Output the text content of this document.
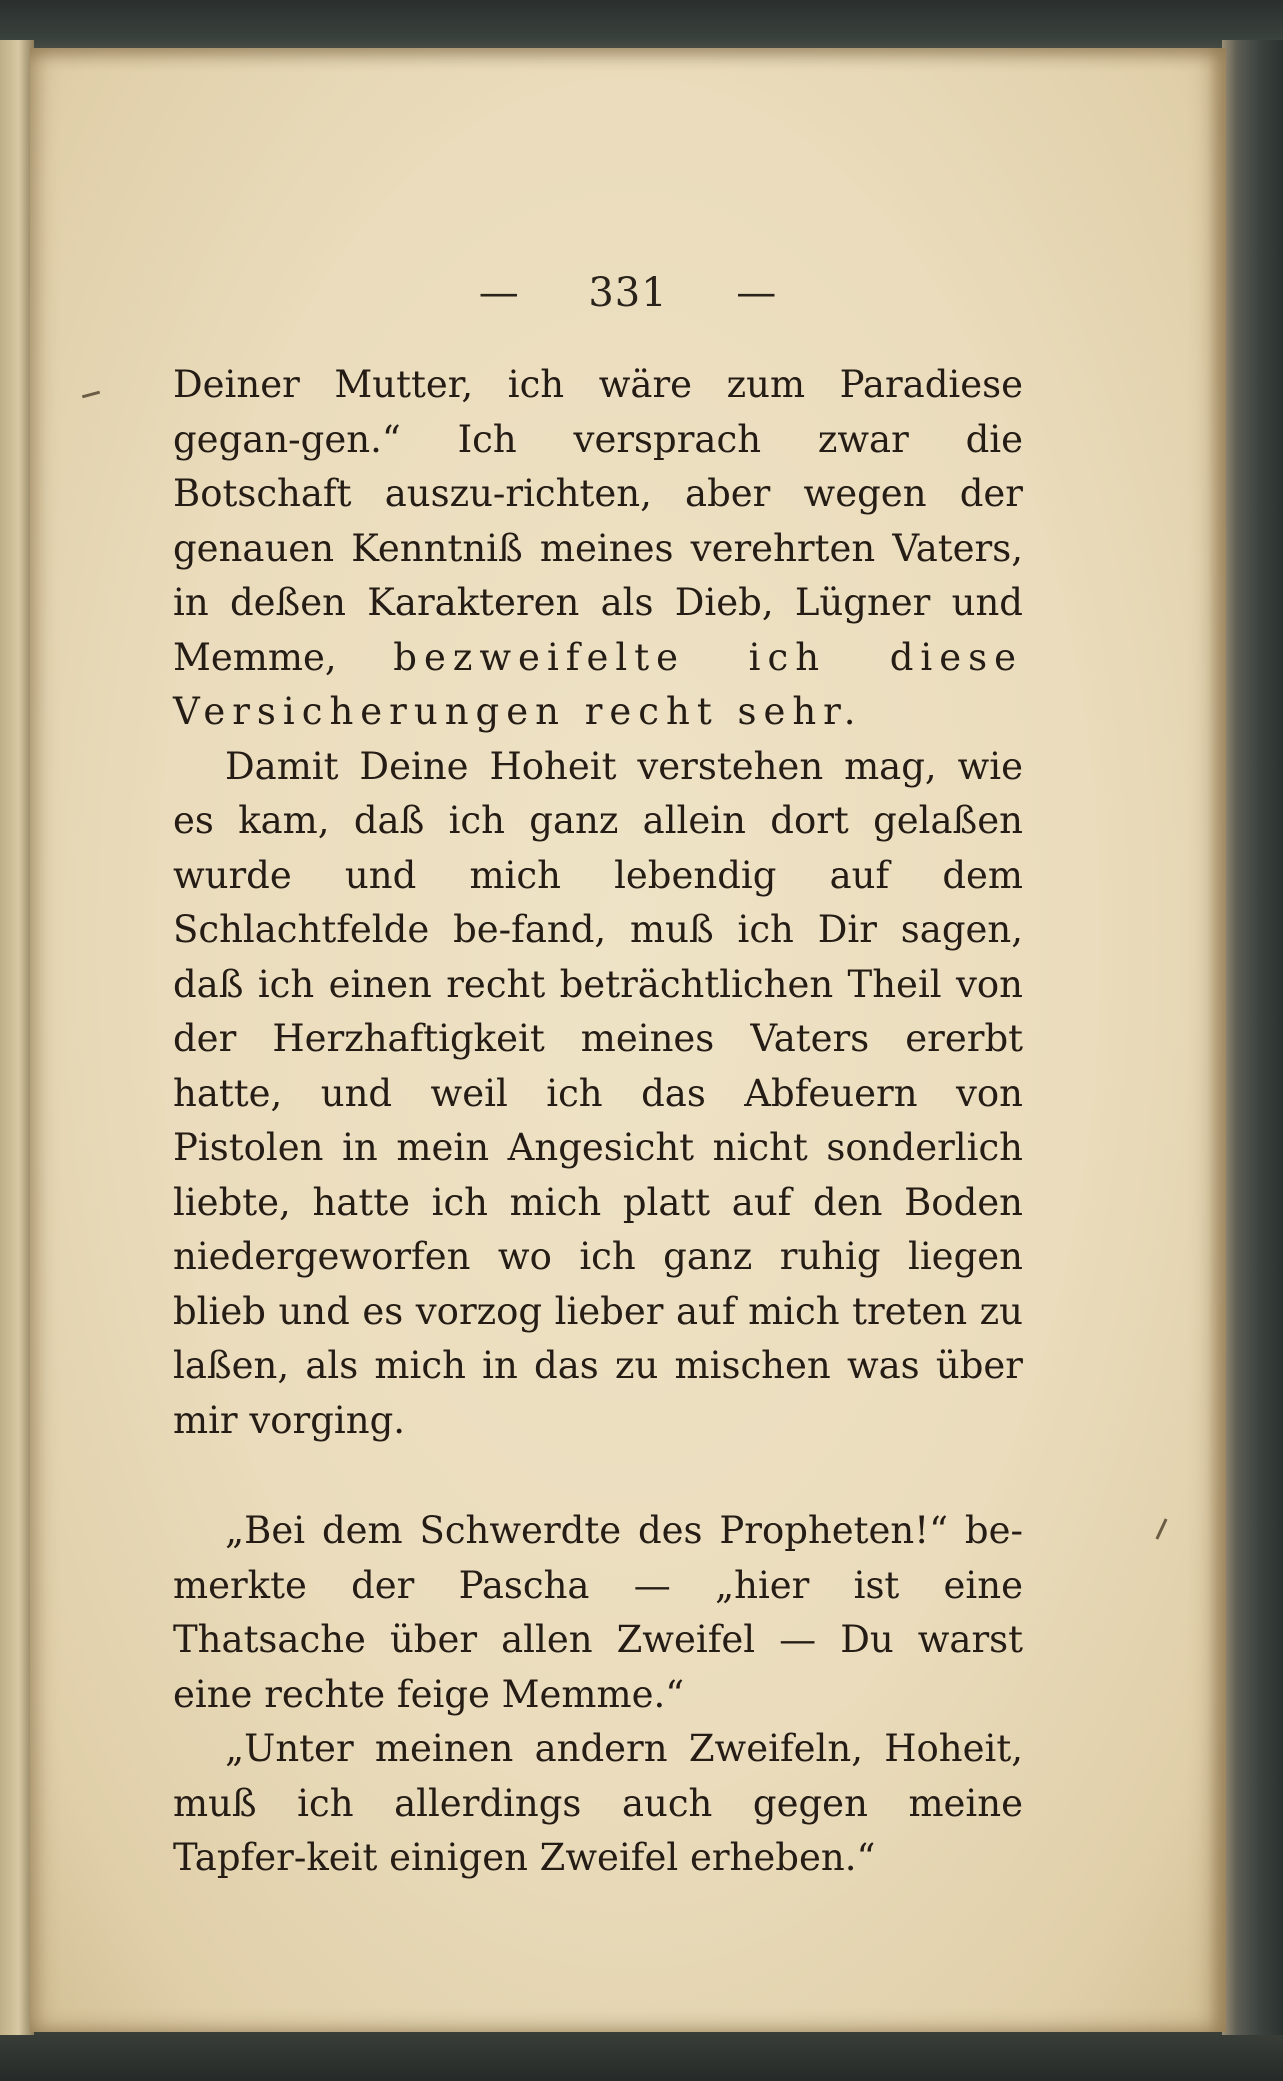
— 331 —

Deiner Mutter, ich wäre zum Paradiese gegan-gen.“ Ich versprach zwar die Botschaft auszu-richten, aber wegen der genauen Kenntniß meines verehrten Vaters, in deßen Karakteren als Dieb, Lügner und Memme, bezweifelte ich diese Versicherungen recht sehr.

Damit Deine Hoheit verstehen mag, wie es kam, daß ich ganz allein dort gelaßen wurde und mich lebendig auf dem Schlachtfelde be-fand, muß ich Dir sagen, daß ich einen recht beträchtlichen Theil von der Herzhaftigkeit meines Vaters ererbt hatte, und weil ich das Abfeuern von Pistolen in mein Angesicht nicht sonderlich liebte, hatte ich mich platt auf den Boden niedergeworfen wo ich ganz ruhig liegen blieb und es vorzog lieber auf mich treten zu laßen, als mich in das zu mischen was über mir vorging.

„Bei dem Schwerdte des Propheten!“ be-merkte der Pascha — „hier ist eine Thatsache über allen Zweifel — Du warst eine rechte feige Memme.“

„Unter meinen andern Zweifeln, Hoheit, muß ich allerdings auch gegen meine Tapfer-keit einigen Zweifel erheben.“
